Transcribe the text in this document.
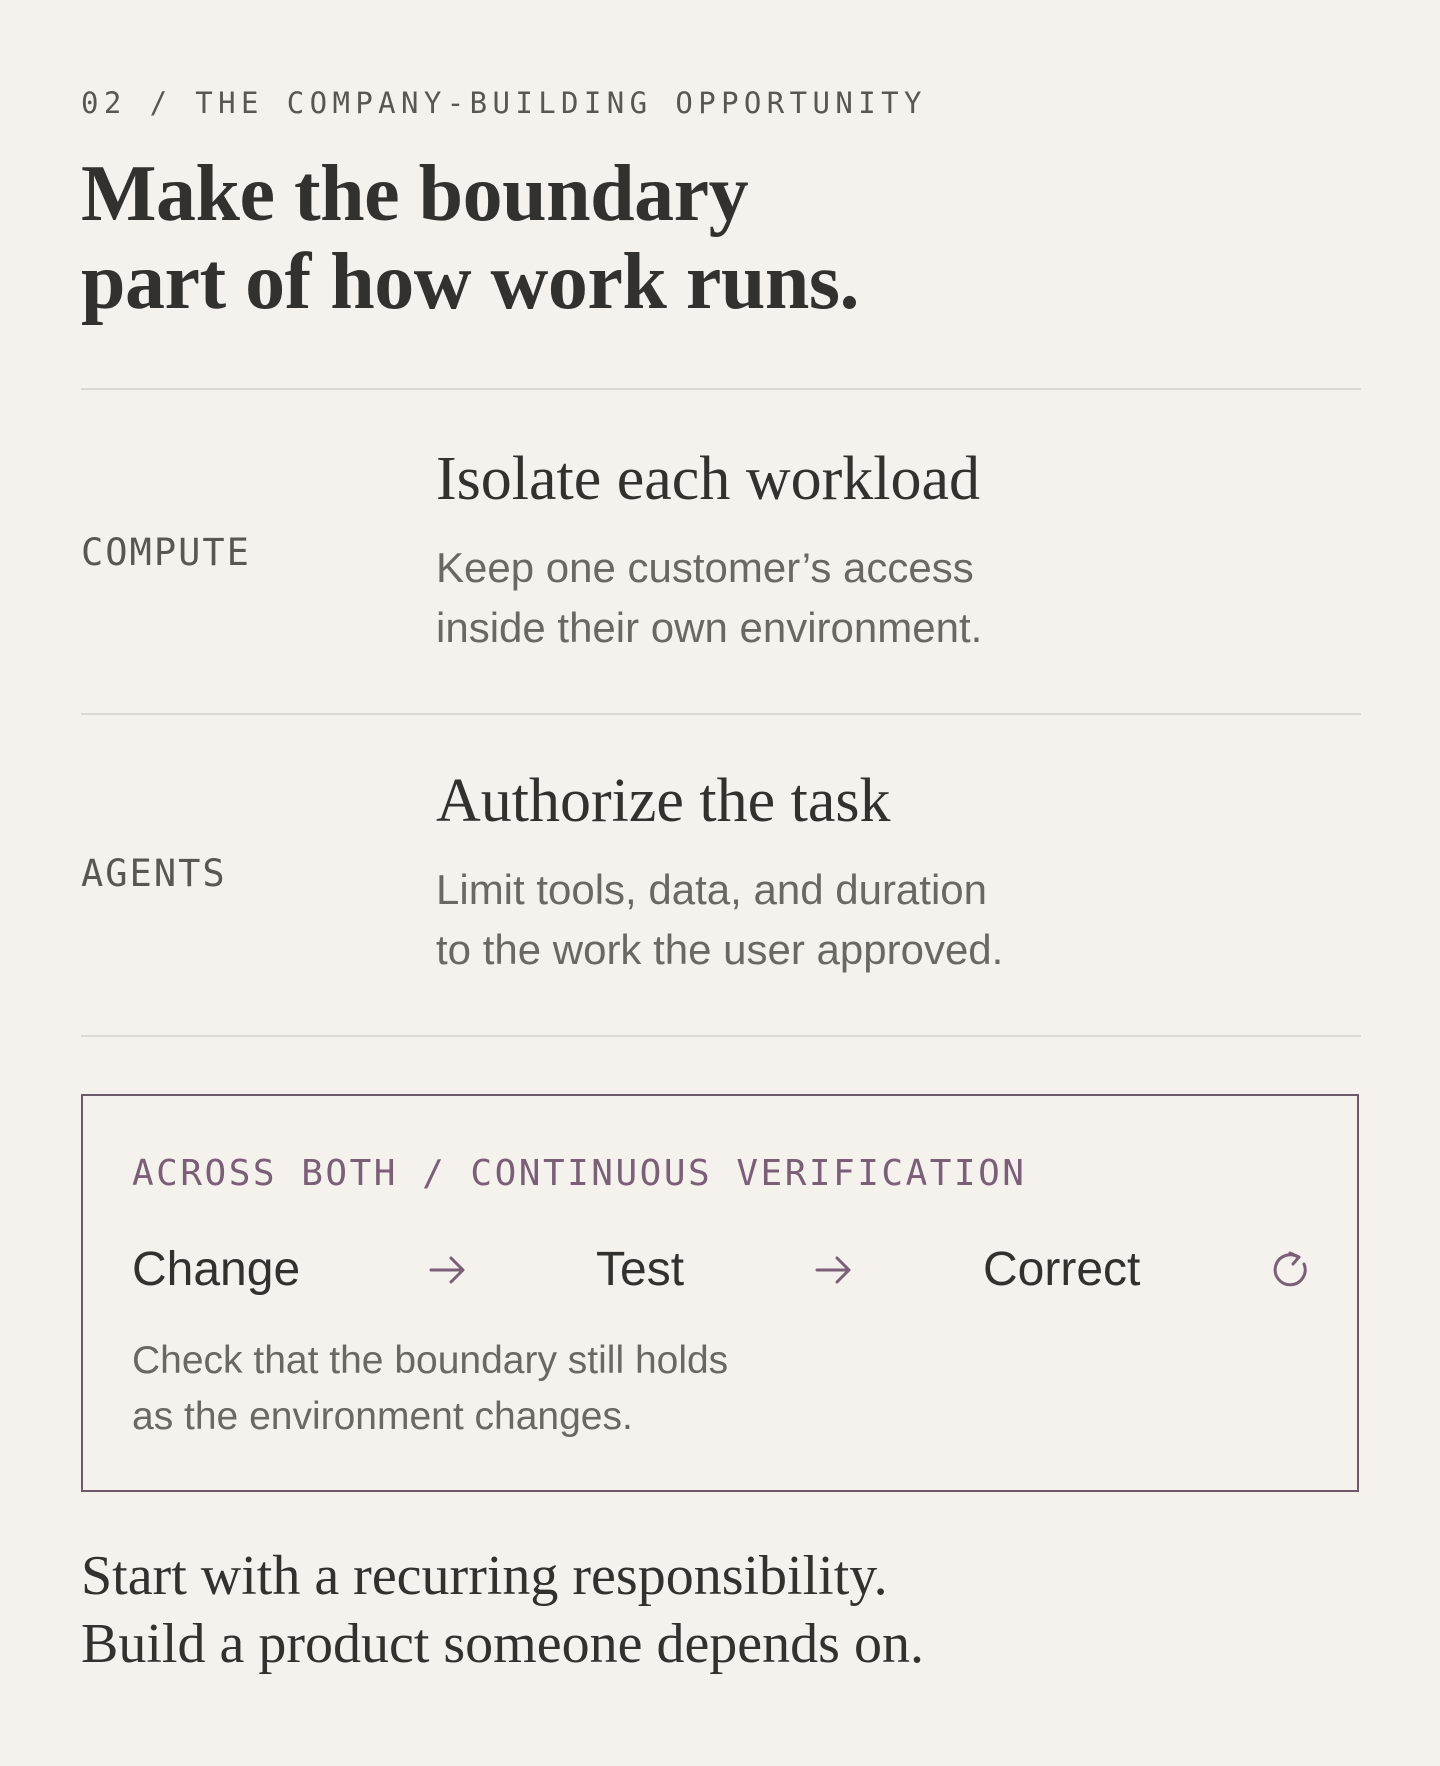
02 / THE COMPANY-BUILDING OPPORTUNITY
Make the boundary
part of how work runs.
COMPUTE
Isolate each workload

Keep one customer’s access
inside their own environment.

AGENTS
Authorize the task

Limit tools, data, and duration
to the work the user approved.

ACROSS BOTH / CONTINUOUS VERIFICATION
Change	Test	Correct

Check that the boundary still holds
as the environment changes.

Start with a recurring responsibility.
Build a product someone depends on.
